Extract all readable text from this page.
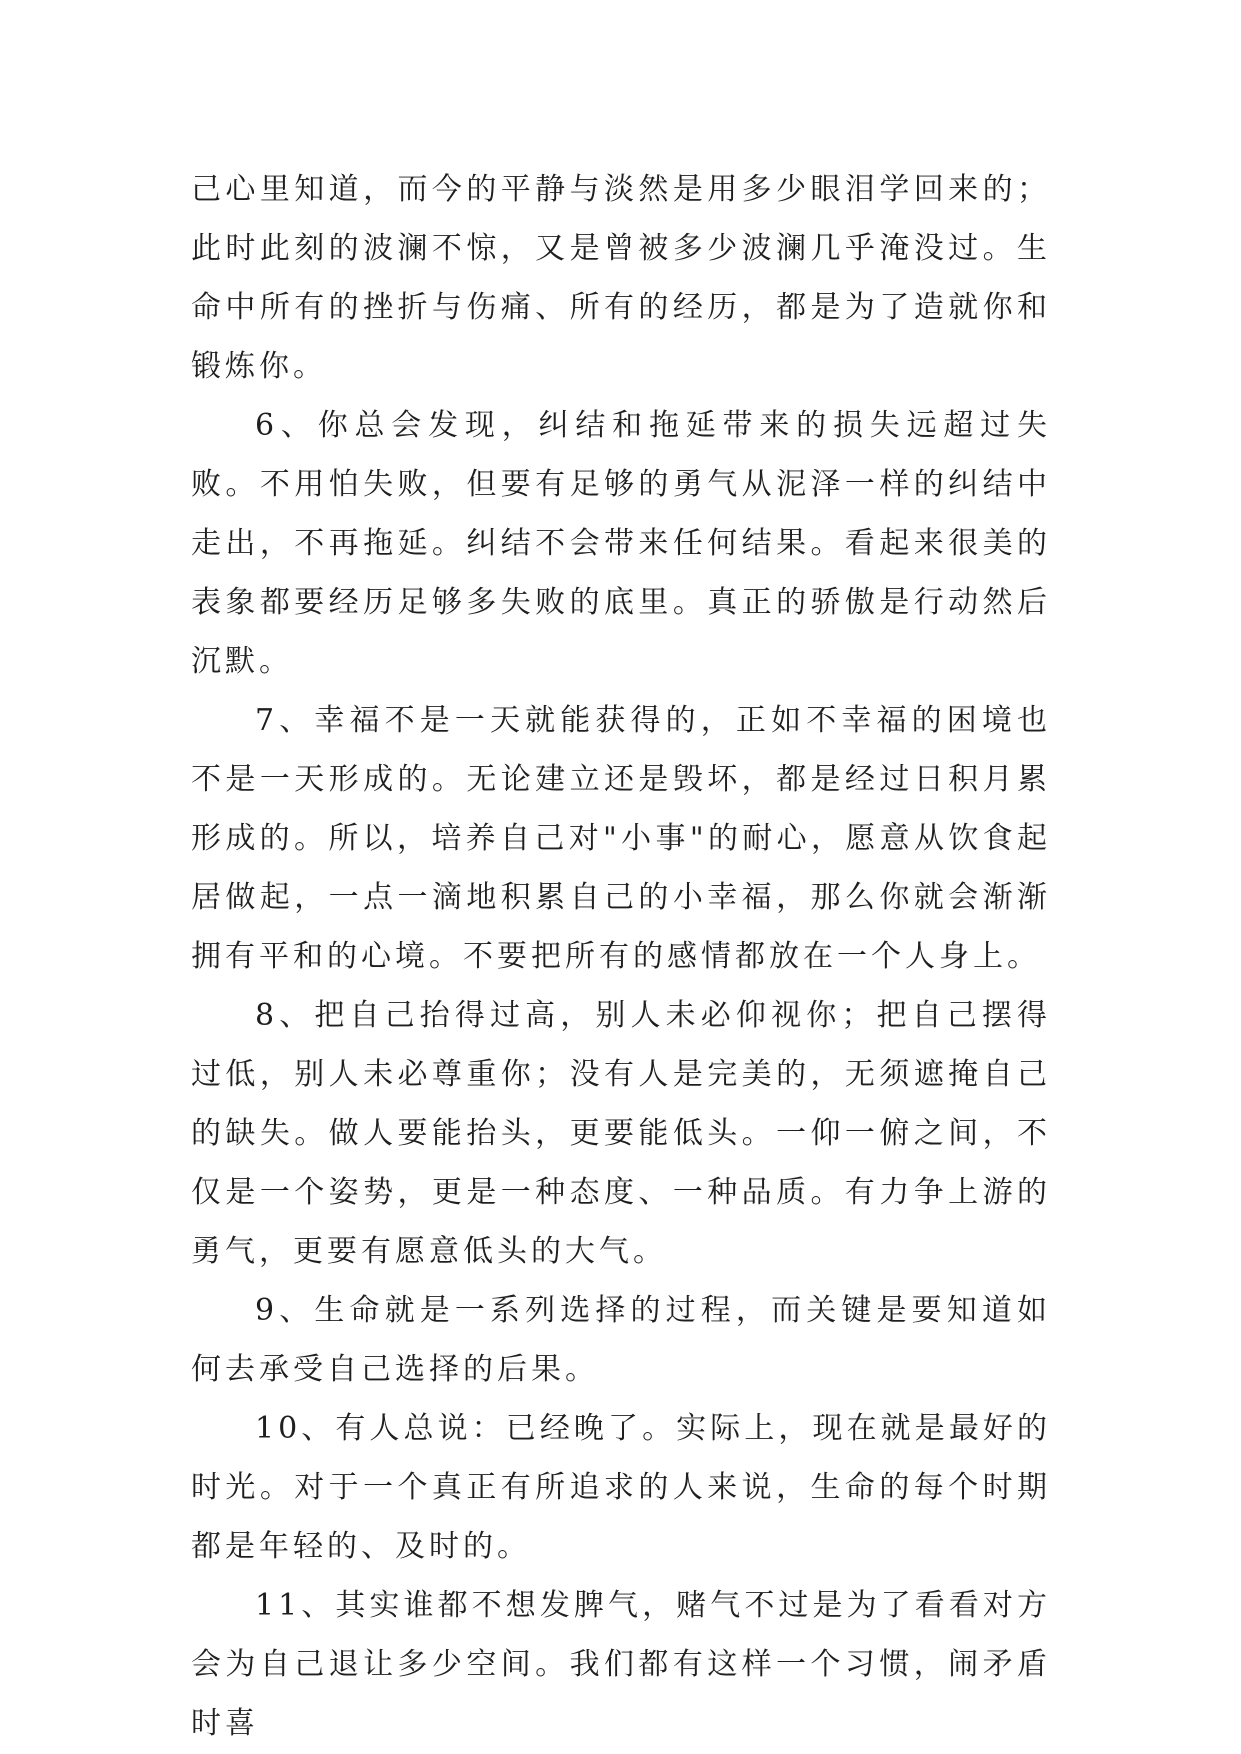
己心里知道，而今的平静与淡然是用多少眼泪学回来的；此时此刻的波澜不惊，又是曾被多少波澜几乎淹没过。生命中所有的挫折与伤痛、所有的经历，都是为了造就你和锻炼你。

6、你总会发现，纠结和拖延带来的损失远超过失败。不用怕失败，但要有足够的勇气从泥泽一样的纠结中走出，不再拖延。纠结不会带来任何结果。看起来很美的表象都要经历足够多失败的底里。真正的骄傲是行动然后沉默。

7、幸福不是一天就能获得的，正如不幸福的困境也不是一天形成的。无论建立还是毁坏，都是经过日积月累形成的。所以，培养自己对"小事"的耐心，愿意从饮食起居做起，一点一滴地积累自己的小幸福，那么你就会渐渐拥有平和的心境。不要把所有的感情都放在一个人身上。

8、把自己抬得过高，别人未必仰视你；把自己摆得过低，别人未必尊重你；没有人是完美的，无须遮掩自己的缺失。做人要能抬头，更要能低头。一仰一俯之间，不仅是一个姿势，更是一种态度、一种品质。有力争上游的勇气，更要有愿意低头的大气。

9、生命就是一系列选择的过程，而关键是要知道如何去承受自己选择的后果。

10、有人总说：已经晚了。实际上，现在就是最好的时光。对于一个真正有所追求的人来说，生命的每个时期都是年轻的、及时的。

11、其实谁都不想发脾气，赌气不过是为了看看对方会为自己退让多少空间。我们都有这样一个习惯，闹矛盾时喜
